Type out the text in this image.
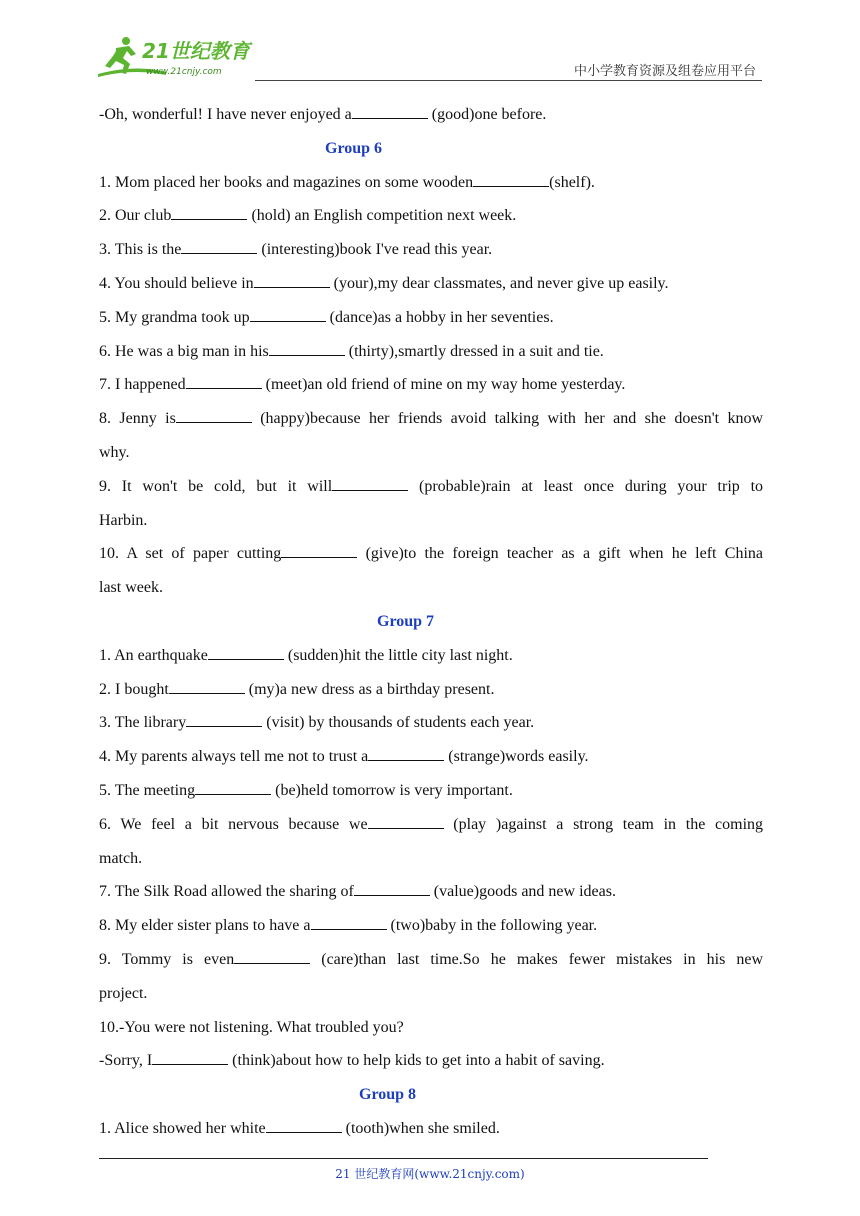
21世纪教育
www.21cnjy.com	中小学教育资源及组卷应用平台
-Oh, wonderful! I have never enjoyed a	(good)one before.
Group 6
1. Mom placed her books and magazines on some wooden	(shelf).
2. Our club	(hold) an English competition next week.
3. This is the	(interesting)book I've read this year.
4. You should believe in	(your),my dear classmates, and never give up easily.
5. My grandma took up	(dance)as a hobby in her seventies.
6. He was a big man in his	(thirty),smartly dressed in a suit and tie.
7. I happened	(meet)an old friend of mine on my way home yesterday.
8. Jenny is	(happy)because her friends avoid talking with her and she doesn't know
why.
9. It won't be cold, but it will	(probable)rain at least once during your trip to
Harbin.
10. A set of paper cutting	(give)to the foreign teacher as a gift when he left China
last week.
Group 7
1. An earthquake	(sudden)hit the little city last night.
2. I bought	(my)a new dress as a birthday present.
3. The library	(visit) by thousands of students each year.
4. My parents always tell me not to trust a	(strange)words easily.
5. The meeting	(be)held tomorrow is very important.
6. We feel a bit nervous because we	(play )against a strong team in the coming
match.
7. The Silk Road allowed the sharing of	(value)goods and new ideas.
8. My elder sister plans to have a	(two)baby in the following year.
9. Tommy is even	(care)than last time.So he makes fewer mistakes in his new
project.
10.-You were not listening. What troubled you?
-Sorry, I	(think)about how to help kids to get into a habit of saving.
Group 8
1. Alice showed her white	(tooth)when she smiled.
21 世纪教育网(www.21cnjy.com)
